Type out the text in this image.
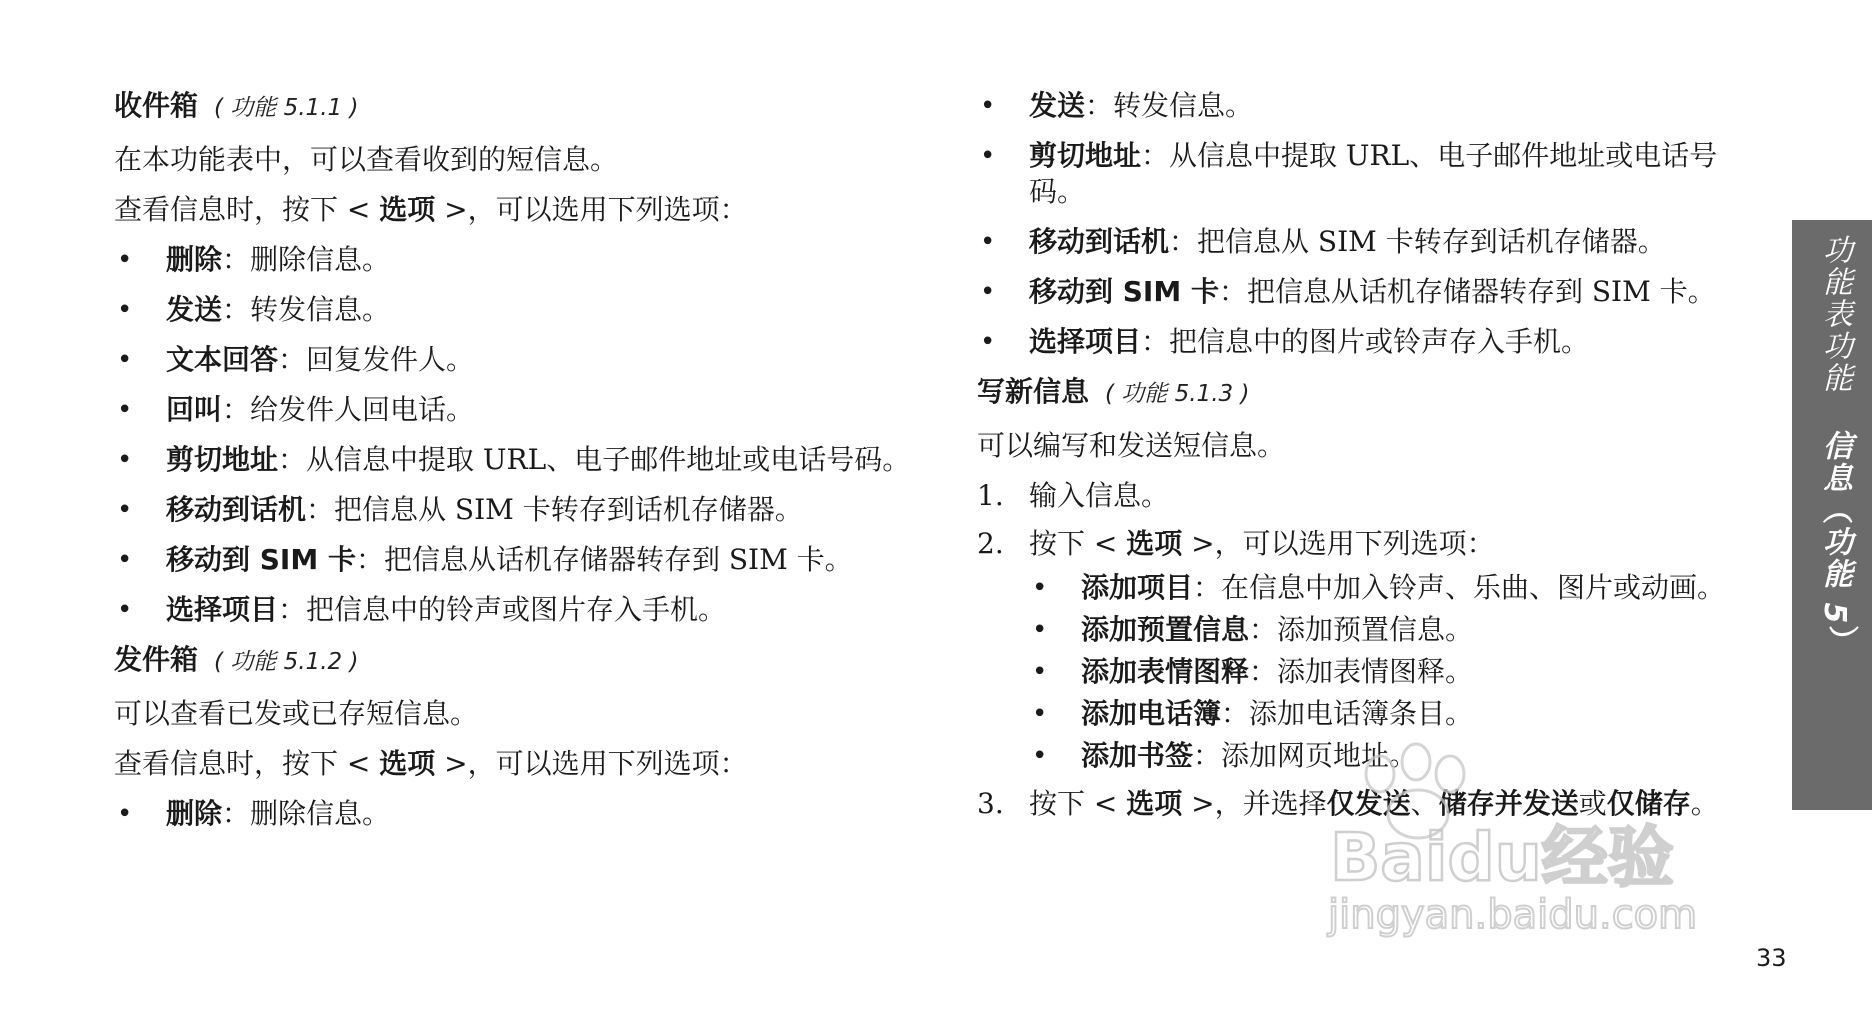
收件箱 ( 功能 5.1.1 )

在本功能表中，可以查看收到的短信息。

查看信息时，按下 < 选项 >，可以选用下列选项：

• 删除：删除信息。
• 发送：转发信息。
• 文本回答：回复发件人。
• 回叫：给发件人回电话。
• 剪切地址：从信息中提取 URL、电子邮件地址或电话号码。
• 移动到话机：把信息从 SIM 卡转存到话机存储器。
• 移动到 SIM 卡：把信息从话机存储器转存到 SIM 卡。
• 选择项目：把信息中的铃声或图片存入手机。
发件箱 ( 功能 5.1.2 )

可以查看已发或已存短信息。

查看信息时，按下 < 选项 >，可以选用下列选项：

• 删除：删除信息。
• 发送：转发信息。
• 剪切地址：从信息中提取 URL、电子邮件地址或电话号码。
• 移动到话机：把信息从 SIM 卡转存到话机存储器。
• 移动到 SIM 卡：把信息从话机存储器转存到 SIM 卡。
• 选择项目：把信息中的图片或铃声存入手机。
写新信息 ( 功能 5.1.3 )

可以编写和发送短信息。

1. 输入信息。
2. 按下 < 选项 >，可以选用下列选项：
• 添加项目：在信息中加入铃声、乐曲、图片或动画。
• 添加预置信息：添加预置信息。
• 添加表情图释：添加表情图释。
• 添加电话簿：添加电话簿条目。
• 添加书签：添加网页地址。
3. 按下 < 选项 >，并选择仅发送、储存并发送或仅储存。
功能表功能信息（功能 5）
33
Baidu经验
jingyan.baidu.com
